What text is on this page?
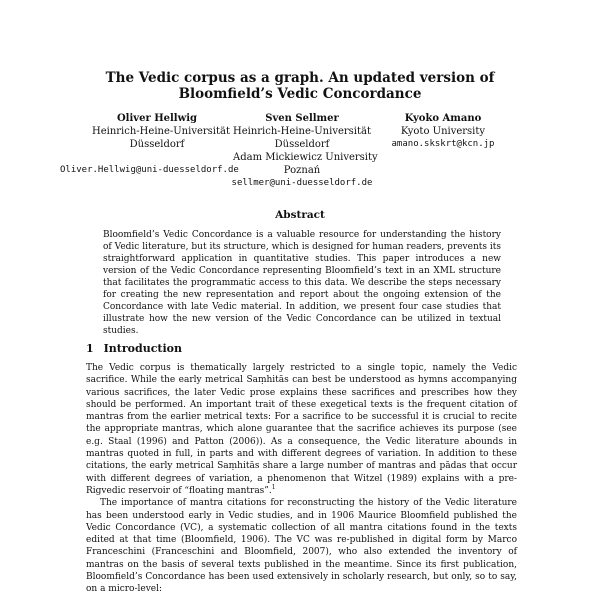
The Vedic corpus as a graph. An updated version of
Bloomfield’s Vedic Concordance
Oliver Hellwig
Heinrich-Heine-Universität
Düsseldorf
Oliver.Hellwig@uni-duesseldorf.de
Sven Sellmer
Heinrich-Heine-Universität
Düsseldorf
Adam Mickiewicz University
Poznań
sellmer@uni-duesseldorf.de
Kyoko Amano
Kyoto University
amano.skskrt@kcn.jp
Abstract
Bloomfield’s Vedic Concordance is a valuable resource for understanding the history of Vedic literature, but its structure, which is designed for human readers, prevents its straightforward application in quantitative studies. This paper introduces a new version of the Vedic Concordance representing Bloomfield’s text in an XML structure that facilitates the programmatic access to this data. We describe the steps necessary for creating the new representation and report about the ongoing extension of the Concordance with late Vedic material. In addition, we present four case studies that illustrate how the new version of the Vedic Concordance can be utilized in textual studies.
1 Introduction

The Vedic corpus is thematically largely restricted to a single topic, namely the Vedic sacrifice. While the early metrical Saṃhitās can best be understood as hymns accompanying various sacrifices, the later Vedic prose explains these sacrifices and prescribes how they should be performed. An important trait of these exegetical texts is the frequent citation of mantras from the earlier metrical texts: For a sacrifice to be successful it is crucial to recite the appropriate mantras, which alone guarantee that the sacrifice achieves its purpose (see e.g. Staal (1996) and Patton (2006)). As a consequence, the Vedic literature abounds in mantras quoted in full, in parts and with different degrees of variation. In addition to these citations, the early metrical Saṃhitās share a large number of mantras and pādas that occur with different degrees of variation, a phenomenon that Witzel (1989) explains with a pre-Rigvedic reservoir of “floating mantras”.$^1$

The importance of mantra citations for reconstructing the history of the Vedic literature has been understood early in Vedic studies, and in 1906 Maurice Bloomfield published the Vedic Concordance (VC), a systematic collection of all mantra citations found in the texts edited at that time (Bloomfield, 1906). The VC was re-published in digital form by Marco Franceschini (Franceschini and Bloomfield, 2007), who also extended the inventory of mantras on the basis of several texts published in the meantime. Since its first publication, Bloomfield’s Concordance has been used extensively in scholarly research, but only, so to say, on a micro-level:
